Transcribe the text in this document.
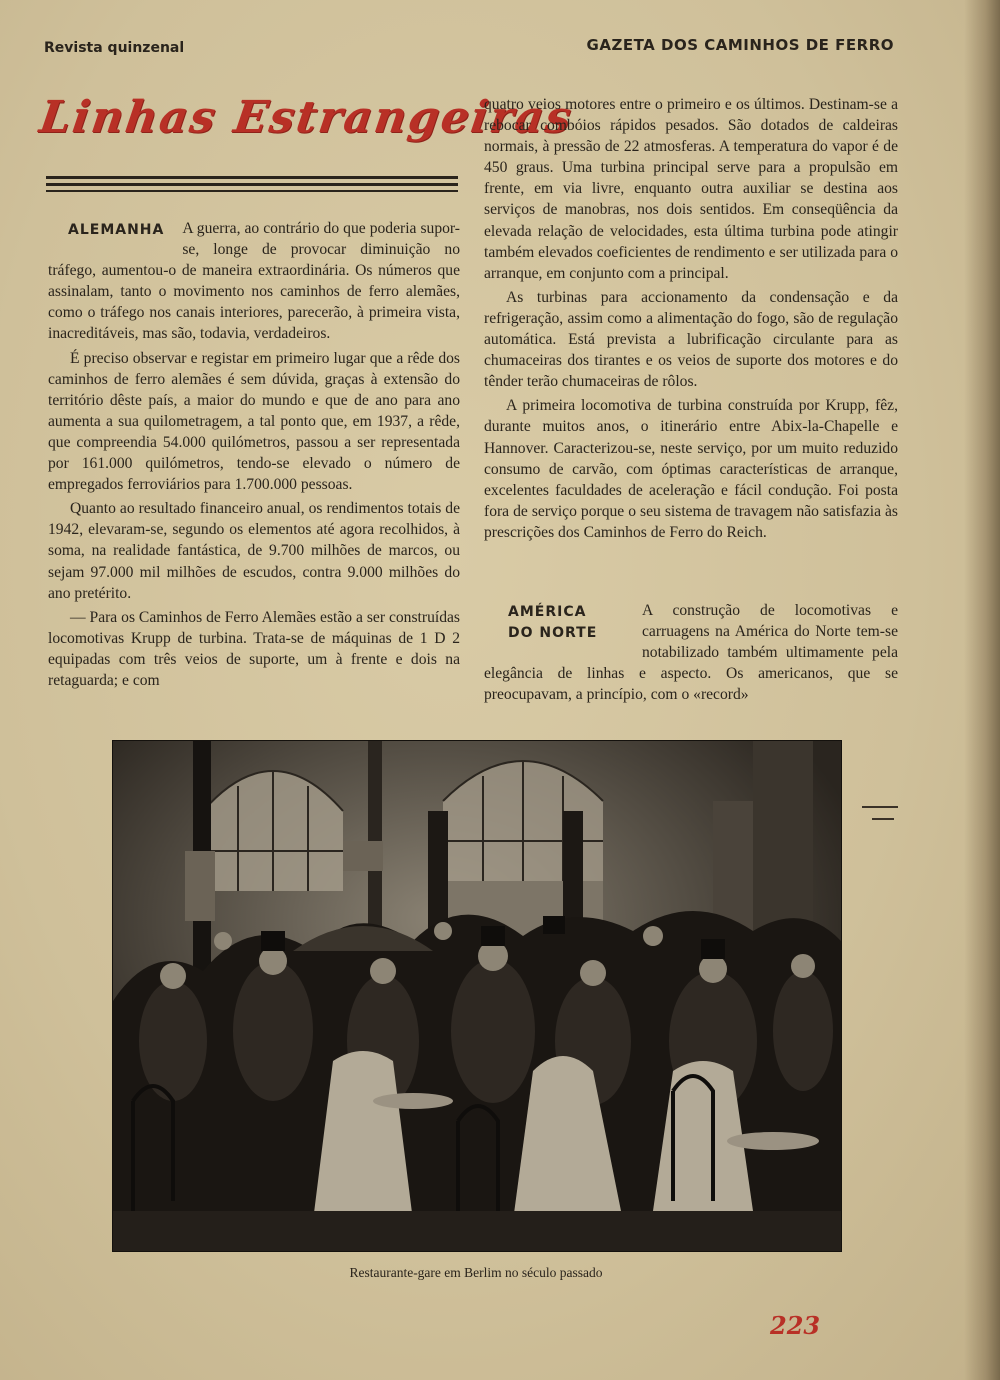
Revista quinzenal	GAZETA DOS CAMINHOS DE FERRO
Linhas Estrangeiras

ALEMANHA A guerra, ao contrário do que poderia supor-se, longe de provocar diminuição no tráfego, aumentou-o de maneira extraordinária. Os números que assinalam, tanto o movimento nos caminhos de ferro alemães, como o tráfego nos canais interiores, parecerão, à primeira vista, inacreditáveis, mas são, todavia, verdadeiros.

É preciso observar e registar em primeiro lugar que a rêde dos caminhos de ferro alemães é sem dúvida, graças à extensão do território dêste país, a maior do mundo e que de ano para ano aumenta a sua quilometragem, a tal ponto que, em 1937, a rêde, que compreendia 54.000 quilómetros, passou a ser representada por 161.000 quilómetros, tendo-se elevado o número de empregados ferroviários para 1.700.000 pessoas.

Quanto ao resultado financeiro anual, os rendimentos totais de 1942, elevaram-se, segundo os elementos até agora recolhidos, à soma, na realidade fantástica, de 9.700 milhões de marcos, ou sejam 97.000 mil milhões de escudos, contra 9.000 milhões do ano pretérito.

— Para os Caminhos de Ferro Alemães estão a ser construídas locomotivas Krupp de turbina. Trata-se de máquinas de 1 D 2 equipadas com três veios de suporte, um à frente e dois na retaguarda; e com

quatro veios motores entre o primeiro e os últimos. Destinam-se a rebocar combóios rápidos pesados. São dotados de caldeiras normais, à pressão de 22 atmosferas. A temperatura do vapor é de 450 graus. Uma turbina principal serve para a propulsão em frente, em via livre, enquanto outra auxiliar se destina aos serviços de manobras, nos dois sentidos. Em conseqüência da elevada relação de velocidades, esta última turbina pode atingir também elevados coeficientes de rendimento e ser utilizada para o arranque, em conjunto com a principal.

As turbinas para accionamento da condensação e da refrigeração, assim como a alimentação do fogo, são de regulação automática. Está prevista a lubrificação circulante para as chumaceiras dos tirantes e os veios de suporte dos motores e do tênder terão chumaceiras de rôlos.

A primeira locomotiva de turbina construída por Krupp, fêz, durante muitos anos, o itinerário entre Abix-la-Chapelle e Hannover. Caracterizou-se, neste serviço, por um muito reduzido consumo de carvão, com óptimas características de arranque, excelentes faculdades de aceleração e fácil condução. Foi posta fora de serviço porque o seu sistema de travagem não satisfazia às prescrições dos Caminhos de Ferro do Reich.

AMÉRICA
DO NORTE
A construção de locomotivas e carruagens na América do Norte tem-se notabilizado também ultimamente pela elegância de linhas e aspecto. Os americanos, que se preocupavam, a princípio, com o «record»

Restaurante-gare em Berlim no século passado
223
